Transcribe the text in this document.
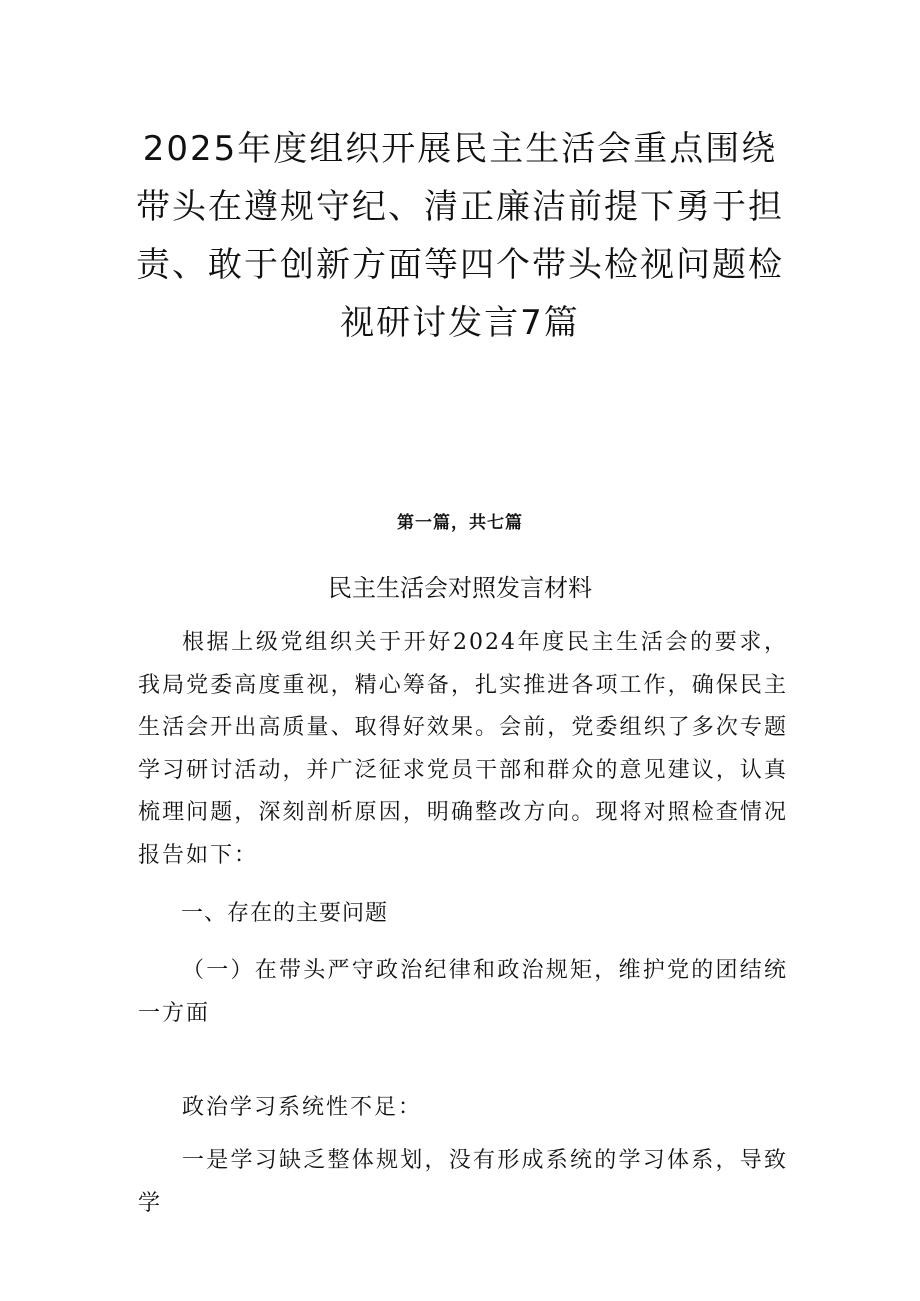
2025年度组织开展民主生活会重点围绕带头在遵规守纪、清正廉洁前提下勇于担责、敢于创新方面等四个带头检视问题检视研讨发言7篇
第一篇，共七篇
民主生活会对照发言材料

根据上级党组织关于开好2024年度民主生活会的要求，我局党委高度重视，精心筹备，扎实推进各项工作，确保民主生活会开出高质量、取得好效果。会前，党委组织了多次专题学习研讨活动，并广泛征求党员干部和群众的意见建议，认真梳理问题，深刻剖析原因，明确整改方向。现将对照检查情况报告如下：

一、存在的主要问题

（一）在带头严守政治纪律和政治规矩，维护党的团结统一方面

政治学习系统性不足：

一是学习缺乏整体规划，没有形成系统的学习体系，导致学
